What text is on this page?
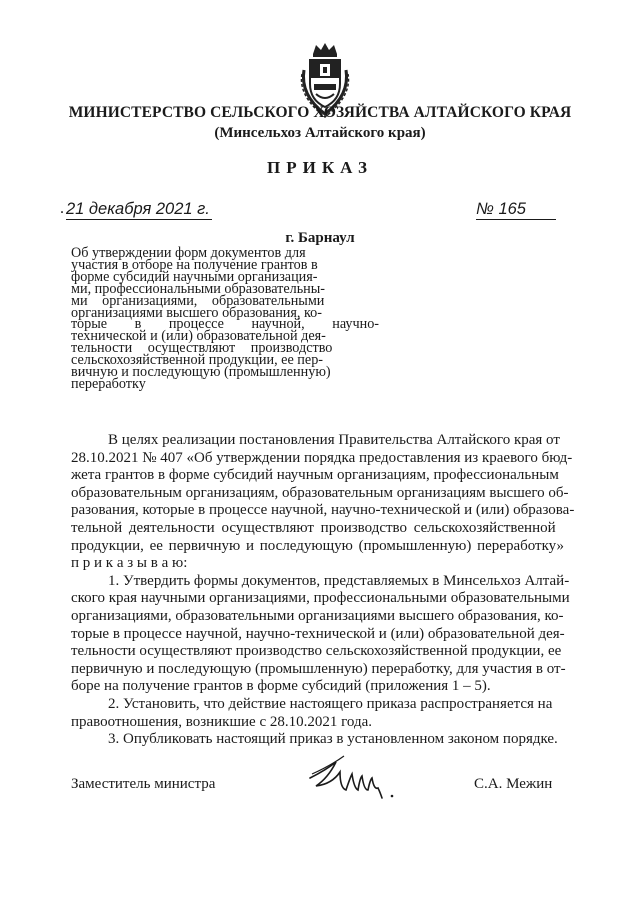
МИНИСТЕРСТВО СЕЛЬСКОГО ХОЗЯЙСТВА АЛТАЙСКОГО КРАЯ
(Минсельхоз Алтайского края)
ПРИКАЗ
. 21 декабря 2021 г.	№ 165
г. Барнаул
Об утверждении форм документов для
участия в отборе на получение грантов в
форме субсидий научными организация-
ми, профессиональными образовательны-
ми организациями, образовательными
организациями высшего образования, ко-
торые в процессе научной, научно-
технической и (или) образовательной дея-
тельности осуществляют производство
сельскохозяйственной продукции, ее пер-
вичную и последующую (промышленную)
переработку
В целях реализации постановления Правительства Алтайского края от
28.10.2021 № 407 «Об утверждении порядка предоставления из краевого бюд-
жета грантов в форме субсидий научным организациям, профессиональным
образовательным организациям, образовательным организациям высшего об-
разования, которые в процессе научной, научно-технической и (или) образова-
тельной деятельности осуществляют производство сельскохозяйственной
продукции, ее первичную и последующую (промышленную) переработку»
п р и к а з ы в а ю:
1. Утвердить формы документов, представляемых в Минсельхоз Алтай-
ского края научными организациями, профессиональными образовательными
организациями, образовательными организациями высшего образования, ко-
торые в процессе научной, научно-технической и (или) образовательной дея-
тельности осуществляют производство сельскохозяйственной продукции, ее
первичную и последующую (промышленную) переработку, для участия в от-
боре на получение грантов в форме субсидий (приложения 1 – 5).
2. Установить, что действие настоящего приказа распространяется на
правоотношения, возникшие с 28.10.2021 года.
3. Опубликовать настоящий приказ в установленном законом порядке.
Заместитель министра	С.А. Межин
